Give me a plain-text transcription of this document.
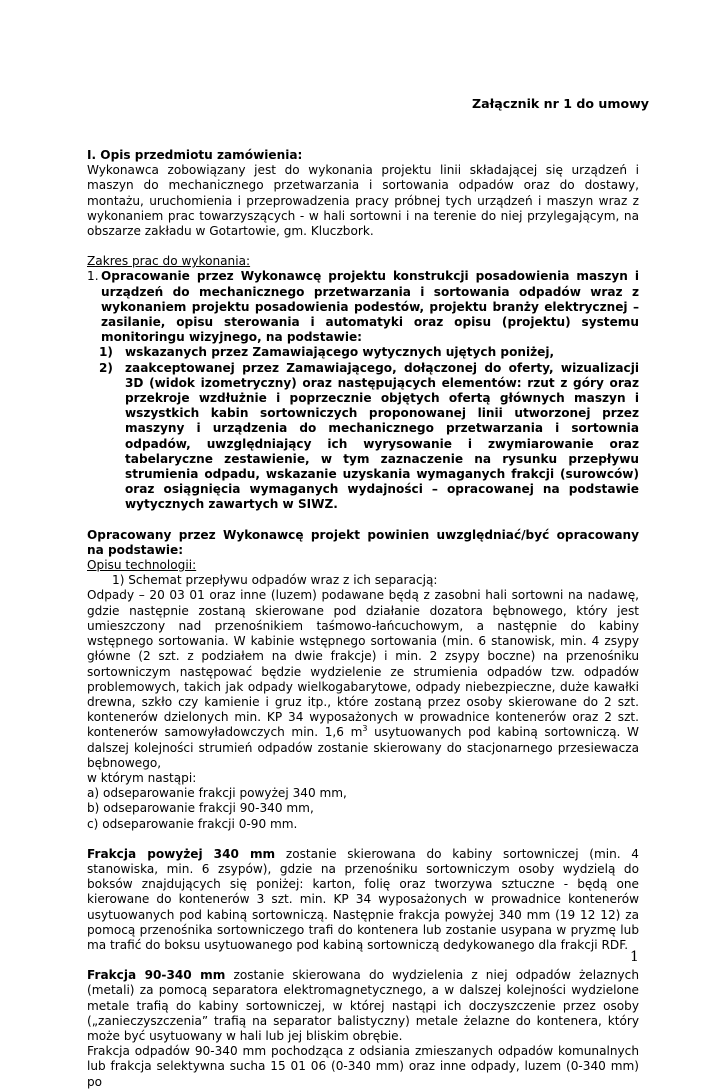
Załącznik nr 1 do umowy

I. Opis przedmiotu zamówienia:

Wykonawca zobowiązany jest do wykonania projektu linii składającej się urządzeń i maszyn do mechanicznego przetwarzania i sortowania odpadów oraz do dostawy, montażu, uruchomienia i przeprowadzenia pracy próbnej tych urządzeń i maszyn wraz z wykonaniem prac towarzyszących - w hali sortowni i na terenie do niej przylegającym, na obszarze zakładu w Gotartowie, gm. Kluczbork.

Zakres prac do wykonania:

1. Opracowanie przez Wykonawcę projektu konstrukcji posadowienia maszyn i urządzeń do mechanicznego przetwarzania i sortowania odpadów wraz z wykonaniem projektu posadowienia podestów, projektu branży elektrycznej – zasilanie, opisu sterowania i automatyki oraz opisu (projektu) systemu monitoringu wizyjnego, na podstawie:
1) wskazanych przez Zamawiającego wytycznych ujętych poniżej,
2) zaakceptowanej przez Zamawiającego, dołączonej do oferty, wizualizacji 3D (widok izometryczny) oraz następujących elementów: rzut z góry oraz przekroje wzdłużnie i poprzecznie objętych ofertą głównych maszyn i wszystkich kabin sortowniczych proponowanej linii utworzonej przez maszyny i urządzenia do mechanicznego przetwarzania i sortownia odpadów, uwzględniający ich wyrysowanie i zwymiarowanie oraz tabelaryczne zestawienie, w tym zaznaczenie na rysunku przepływu strumienia odpadu, wskazanie uzyskania wymaganych frakcji (surowców) oraz osiągnięcia wymaganych wydajności – opracowanej na podstawie wytycznych zawartych w SIWZ.

Opracowany przez Wykonawcę projekt powinien uwzględniać/być opracowany na podstawie:

Opisu technologii:

1) Schemat przepływu odpadów wraz z ich separacją:

Odpady – 20 03 01 oraz inne (luzem) podawane będą z zasobni hali sortowni na nadawę, gdzie następnie zostaną skierowane pod działanie dozatora bębnowego, który jest umieszczony nad przenośnikiem taśmowo-łańcuchowym, a następnie do kabiny wstępnego sortowania. W kabinie wstępnego sortowania (min. 6 stanowisk, min. 4 zsypy główne (2 szt. z podziałem na dwie frakcje) i min. 2 zsypy boczne) na przenośniku sortowniczym następować będzie wydzielenie ze strumienia odpadów tzw. odpadów problemowych, takich jak odpady wielkogabarytowe, odpady niebezpieczne, duże kawałki drewna, szkło czy kamienie i gruz itp., które zostaną przez osoby skierowane do 2 szt. kontenerów dzielonych min. KP 34 wyposażonych w prowadnice kontenerów oraz 2 szt. kontenerów samowyładowczych min. 1,6 $m^3$ usytuowanych pod kabiną sortowniczą. W dalszej kolejności strumień odpadów zostanie skierowany do stacjonarnego przesiewacza bębnowego,

w którym nastąpi:

a) odseparowanie frakcji powyżej 340 mm,

b) odseparowanie frakcji 90-340 mm,

c) odseparowanie frakcji 0-90 mm.

Frakcja powyżej 340 mm zostanie skierowana do kabiny sortowniczej (min. 4 stanowiska, min. 6 zsypów), gdzie na przenośniku sortowniczym osoby wydzielą do boksów znajdujących się poniżej: karton, folię oraz tworzywa sztuczne - będą one kierowane do kontenerów 3 szt. min. KP 34 wyposażonych w prowadnice kontenerów usytuowanych pod kabiną sortowniczą. Następnie frakcja powyżej 340 mm (19 12 12) za pomocą przenośnika sortowniczego trafi do kontenera lub zostanie usypana w pryzmę lub ma trafić do boksu usytuowanego pod kabiną sortowniczą dedykowanego dla frakcji RDF.

Frakcja 90-340 mm zostanie skierowana do wydzielenia z niej odpadów żelaznych (metali) za pomocą separatora elektromagnetycznego, a w dalszej kolejności wydzielone metale trafią do kabiny sortowniczej, w której nastąpi ich doczyszczenie przez osoby („zanieczyszczenia” trafią na separator balistyczny) metale żelazne do kontenera, który może być usytuowany w hali lub jej bliskim obrębie.

Frakcja odpadów 90-340 mm pochodząca z odsiania zmieszanych odpadów komunalnych lub frakcja selektywna sucha 15 01 06 (0-340 mm) oraz inne odpady, luzem (0-340 mm) po

1
